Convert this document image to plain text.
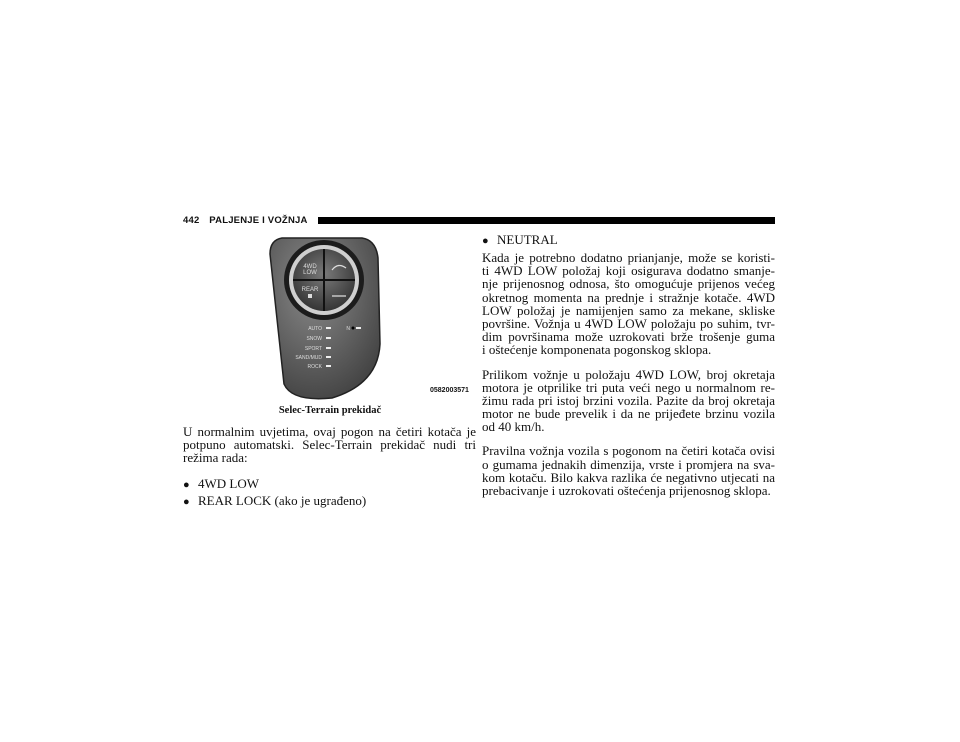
442 PALJENJE I VOŽNJA
4WD
LOW
REAR
AUTO
SNOW
SPORT
SAND/MUD
ROCK
N
0582003571
Selec-Terrain prekidač
U normalnim uvjetima, ovaj pogon na četiri kotača je
potpuno automatski. Selec-Terrain prekidač nudi tri
režima rada:
● 4WD LOW
● REAR LOCK (ako je ugrađeno)
● NEUTRAL
Kada je potrebno dodatno prianjanje, može se koristi-
ti 4WD LOW položaj koji osigurava dodatno smanje-
nje prijenosnog odnosa, što omogućuje prijenos većeg
okretnog momenta na prednje i stražnje kotače. 4WD
LOW položaj je namijenjen samo za mekane, skliske
površine. Vožnja u 4WD LOW položaju po suhim, tvr-
dim površinama može uzrokovati brže trošenje guma
i oštećenje komponenata pogonskog sklopa.
Prilikom vožnje u položaju 4WD LOW, broj okretaja
motora je otprilike tri puta veći nego u normalnom re-
žimu rada pri istoj brzini vozila. Pazite da broj okretaja
motor ne bude prevelik i da ne prijeđete brzinu vozila
od 40 km/h.
Pravilna vožnja vozila s pogonom na četiri kotača ovisi
o gumama jednakih dimenzija, vrste i promjera na sva-
kom kotaču. Bilo kakva razlika će negativno utjecati na
prebacivanje i uzrokovati oštećenja prijenosnog sklopa.
